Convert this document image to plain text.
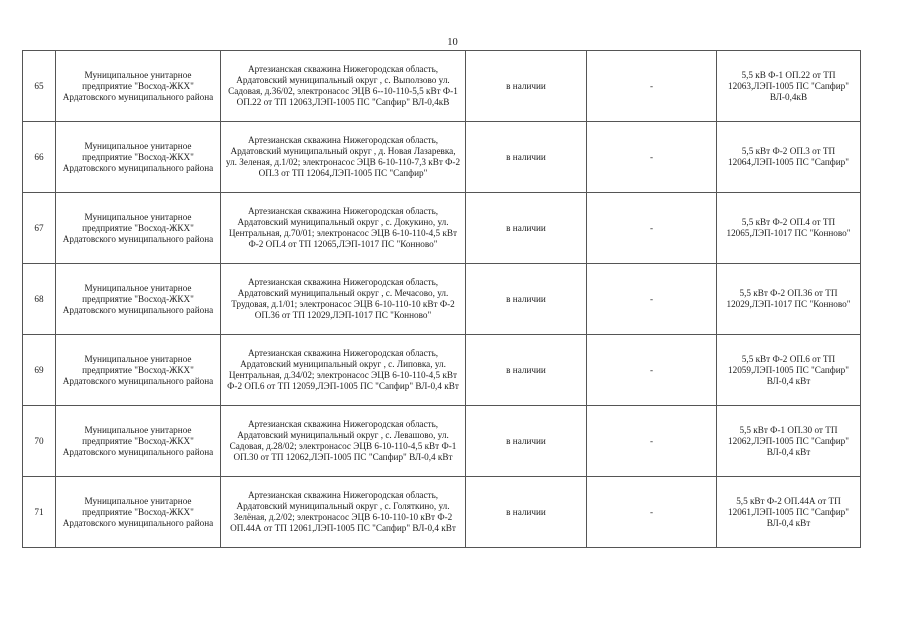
10
65	Муниципальное унитарное предприятие "Восход-ЖКХ" Ардатовского муниципального района	Артезианская скважина Нижегородская область, Ардатовский муниципальный округ , с. Выползово ул. Садовая, д.36/02, электронасос ЭЦВ 6--10-110-5,5 кВт Ф-1 ОП.22 от ТП 12063,ЛЭП-1005 ПС "Сапфир" ВЛ-0,4кВ	в наличии	-	5,5 кВ Ф-1 ОП.22 от ТП 12063,ЛЭП-1005 ПС "Сапфир" ВЛ-0,4кВ
66	Муниципальное унитарное предприятие "Восход-ЖКХ" Ардатовского муниципального района	Артезианская скважина Нижегородская область, Ардатовский муниципальный округ , д. Новая Лазаревка, ул. Зеленая, д.1/02; электронасос ЭЦВ 6-10-110-7,3 кВт Ф-2 ОП.3 от ТП 12064,ЛЭП-1005 ПС "Сапфир"	в наличии	-	5,5 кВт Ф-2 ОП.3 от ТП 12064,ЛЭП-1005 ПС "Сапфир"
67	Муниципальное унитарное предприятие "Восход-ЖКХ" Ардатовского муниципального района	Артезианская скважина Нижегородская область, Ардатовский муниципальный округ , с. Докукино, ул. Центральная, д.70/01; электронасос ЭЦВ 6-10-110-4,5 кВт Ф-2 ОП.4 от ТП 12065,ЛЭП-1017 ПС "Конново"	в наличии	-	5,5 кВт Ф-2 ОП.4 от ТП 12065,ЛЭП-1017 ПС "Конново"
68	Муниципальное унитарное предприятие "Восход-ЖКХ" Ардатовского муниципального района	Артезианская скважина Нижегородская область, Ардатовский муниципальный округ , с. Мечасово, ул. Трудовая, д.1/01; электронасос ЭЦВ 6-10-110-10 кВт Ф-2 ОП.36 от ТП 12029,ЛЭП-1017 ПС "Конново"	в наличии	-	5,5 кВт Ф-2 ОП.36 от ТП 12029,ЛЭП-1017 ПС "Конново"
69	Муниципальное унитарное предприятие "Восход-ЖКХ" Ардатовского муниципального района	Артезианская скважина Нижегородская область, Ардатовский муниципальный округ , с. Липовка, ул. Центральная, д.34/02; электронасос ЭЦВ 6-10-110-4,5 кВт Ф-2 ОП.6 от ТП 12059,ЛЭП-1005 ПС "Сапфир" ВЛ-0,4 кВт	в наличии	-	5,5 кВт Ф-2 ОП.6 от ТП 12059,ЛЭП-1005 ПС "Сапфир" ВЛ-0,4 кВт
70	Муниципальное унитарное предприятие "Восход-ЖКХ" Ардатовского муниципального района	Артезианская скважина Нижегородская область, Ардатовский муниципальный округ , с. Левашово, ул. Садовая, д.28/02; электронасос ЭЦВ 6-10-110-4,5 кВт Ф-1 ОП.30 от ТП 12062,ЛЭП-1005 ПС "Сапфир" ВЛ-0,4 кВт	в наличии	-	5,5 кВт Ф-1 ОП.30 от ТП 12062,ЛЭП-1005 ПС "Сапфир" ВЛ-0,4 кВт
71	Муниципальное унитарное предприятие "Восход-ЖКХ" Ардатовского муниципального района	Артезианская скважина Нижегородская область, Ардатовский муниципальный округ , с. Голяткино, ул. Зелёная, д.2/02; электронасос ЭЦВ 6-10-110-10 кВт Ф-2 ОП.44А от ТП 12061,ЛЭП-1005 ПС "Сапфир" ВЛ-0,4 кВт	в наличии	-	5,5 кВт Ф-2 ОП.44А от ТП 12061,ЛЭП-1005 ПС "Сапфир" ВЛ-0,4 кВт
